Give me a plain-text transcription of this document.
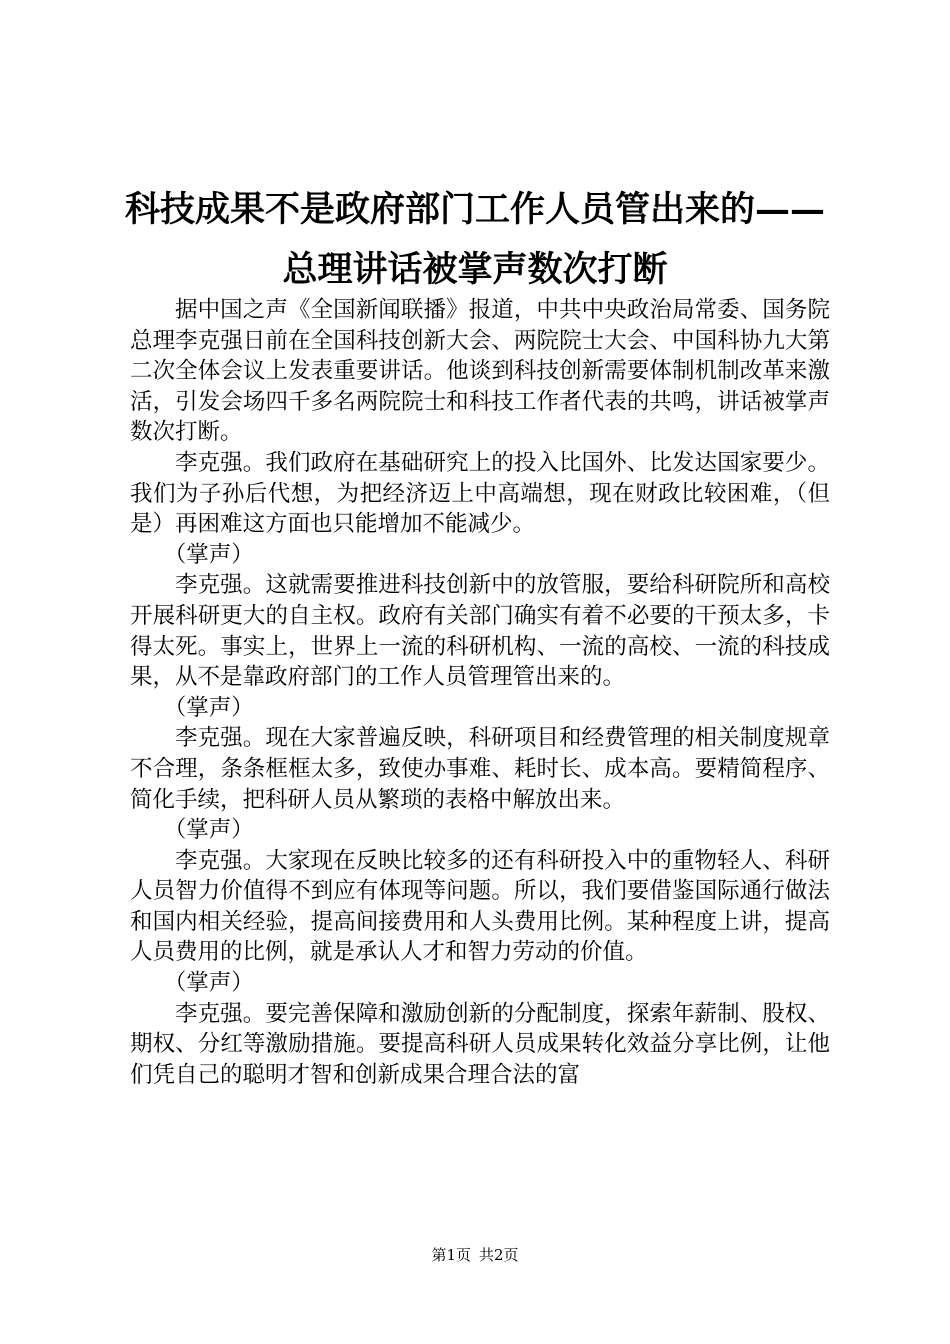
科技成果不是政府部门工作人员管出来的——
总理讲话被掌声数次打断

据中国之声《全国新闻联播》报道，中共中央政治局常委、国务院总理李克强日前在全国科技创新大会、两院院士大会、中国科协九大第二次全体会议上发表重要讲话。他谈到科技创新需要体制机制改革来激活，引发会场四千多名两院院士和科技工作者代表的共鸣，讲话被掌声数次打断。

李克强。我们政府在基础研究上的投入比国外、比发达国家要少。我们为子孙后代想，为把经济迈上中高端想，现在财政比较困难，（但是）再困难这方面也只能增加不能减少。

（掌声）

李克强。这就需要推进科技创新中的放管服，要给科研院所和高校开展科研更大的自主权。政府有关部门确实有着不必要的干预太多，卡得太死。事实上，世界上一流的科研机构、一流的高校、一流的科技成果，从不是靠政府部门的工作人员管理管出来的。

（掌声）

李克强。现在大家普遍反映，科研项目和经费管理的相关制度规章不合理，条条框框太多，致使办事难、耗时长、成本高。要精简程序、简化手续，把科研人员从繁琐的表格中解放出来。

（掌声）

李克强。大家现在反映比较多的还有科研投入中的重物轻人、科研人员智力价值得不到应有体现等问题。所以，我们要借鉴国际通行做法和国内相关经验，提高间接费用和人头费用比例。某种程度上讲，提高人员费用的比例，就是承认人才和智力劳动的价值。

（掌声）

李克强。要完善保障和激励创新的分配制度，探索年薪制、股权、期权、分红等激励措施。要提高科研人员成果转化效益分享比例，让他们凭自己的聪明才智和创新成果合理合法的富

第1页 共2页
